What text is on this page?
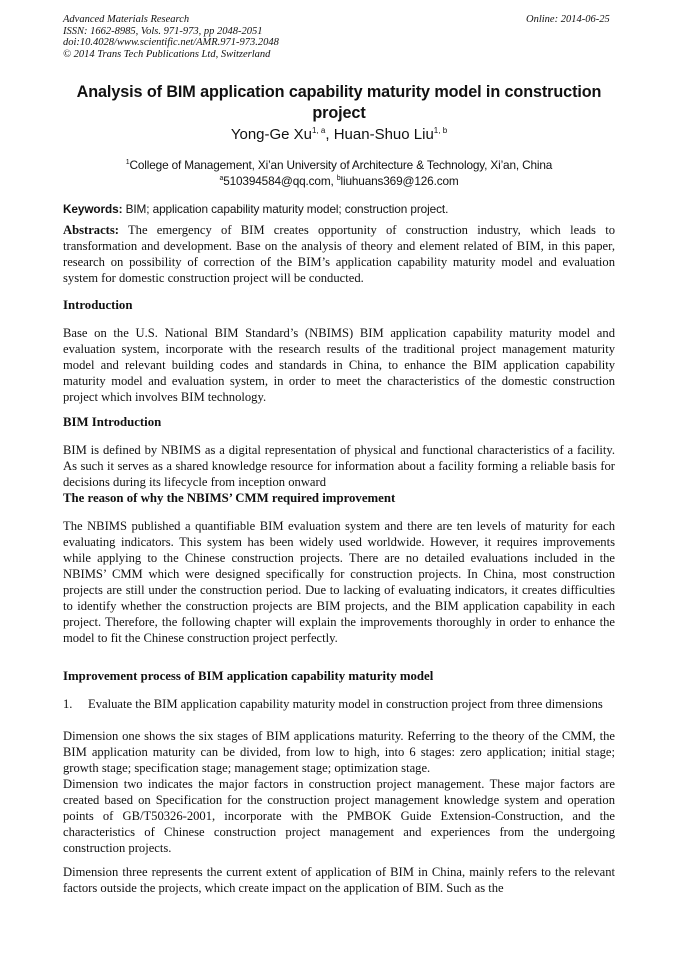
Advanced Materials Research
ISSN: 1662-8985, Vols. 971-973, pp 2048-2051
doi:10.4028/www.scientific.net/AMR.971-973.2048
© 2014 Trans Tech Publications Ltd, Switzerland
Online: 2014-06-25
Analysis of BIM application capability maturity model in construction project
Yong-Ge Xu$^{1, a}$, Huan-Shuo Liu$^{1, b}$
$^1$College of Management, Xi’an University of Architecture & Technology, Xi’an, China
$^a$510394584@qq.com, $^b$liuhuans369@126.com
Keywords: BIM; application capability maturity model; construction project.
Abstracts: The emergency of BIM creates opportunity of construction industry, which leads to transformation and development. Base on the analysis of theory and element related of BIM, in this paper, research on possibility of correction of the BIM’s application capability maturity model and evaluation system for domestic construction project will be conducted.
Introduction
Base on the U.S. National BIM Standard’s (NBIMS) BIM application capability maturity model and evaluation system, incorporate with the research results of the traditional project management maturity model and relevant building codes and standards in China, to enhance the BIM application capability maturity model and evaluation system, in order to meet the characteristics of the domestic construction project which involves BIM technology.
BIM Introduction
BIM is defined by NBIMS as a digital representation of physical and functional characteristics of a facility. As such it serves as a shared knowledge resource for information about a facility forming a reliable basis for decisions during its lifecycle from inception onward
The reason of why the NBIMS’ CMM required improvement
The NBIMS published a quantifiable BIM evaluation system and there are ten levels of maturity for each evaluating indicators. This system has been widely used worldwide. However, it requires improvements while applying to the Chinese construction projects. There are no detailed evaluations included in the NBIMS’ CMM which were designed specifically for construction projects. In China, most construction projects are still under the construction period. Due to lacking of evaluating indicators, it creates difficulties to identify whether the construction projects are BIM projects, and the BIM application capability in each project. Therefore, the following chapter will explain the improvements thoroughly in order to enhance the model to fit the Chinese construction project perfectly.
Improvement process of BIM application capability maturity model
1. Evaluate the BIM application capability maturity model in construction project from three dimensions
Dimension one shows the six stages of BIM applications maturity. Referring to the theory of the CMM, the BIM application maturity can be divided, from low to high, into 6 stages: zero application; initial stage; growth stage; specification stage; management stage; optimization stage.
Dimension two indicates the major factors in construction project management. These major factors are created based on Specification for the construction project management knowledge system and operation points of GB/T50326-2001, incorporate with the PMBOK Guide Extension-Construction, and the characteristics of Chinese construction project management and experiences from the undergoing construction projects.
Dimension three represents the current extent of application of BIM in China, mainly refers to the relevant factors outside the projects, which create impact on the application of BIM. Such as the
